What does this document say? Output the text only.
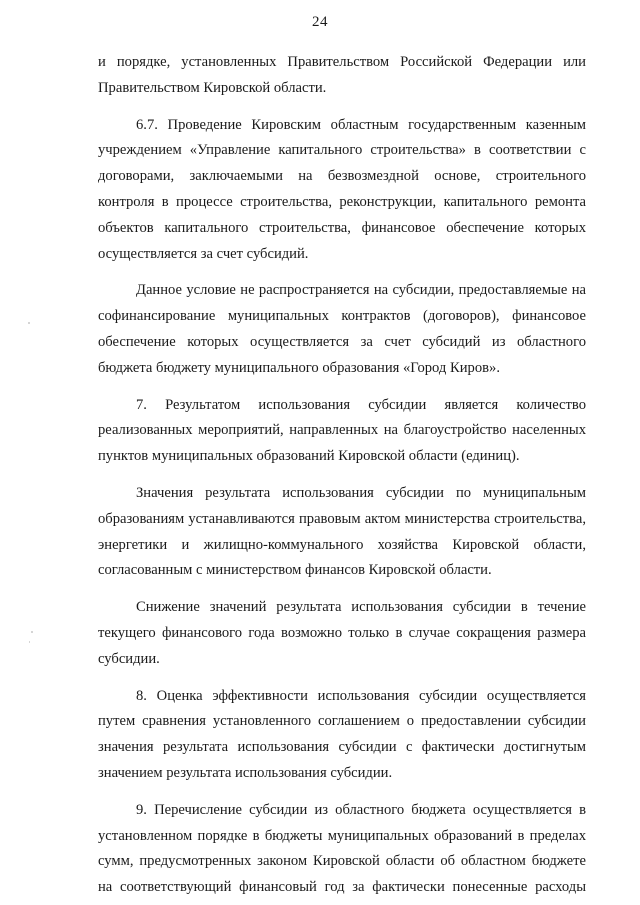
24

и порядке, установленных Правительством Российской Федерации или Правительством Кировской области.

6.7. Проведение Кировским областным государственным казенным учреждением «Управление капитального строительства» в соответствии с договорами, заключаемыми на безвозмездной основе, строительного контроля в процессе строительства, реконструкции, капитального ремонта объектов капитального строительства, финансовое обеспечение которых осуществляется за счет субсидий.

Данное условие не распространяется на субсидии, предоставляемые на софинансирование муниципальных контрактов (договоров), финансовое обеспечение которых осуществляется за счет субсидий из областного бюджета бюджету муниципального образования «Город Киров».

7. Результатом использования субсидии является количество реализованных мероприятий, направленных на благоустройство населенных пунктов муниципальных образований Кировской области (единиц).

Значения результата использования субсидии по муниципальным образованиям устанавливаются правовым актом министерства строительства, энергетики и жилищно-коммунального хозяйства Кировской области, согласованным с министерством финансов Кировской области.

Снижение значений результата использования субсидии в течение текущего финансового года возможно только в случае сокращения размера субсидии.

8. Оценка эффективности использования субсидии осуществляется путем сравнения установленного соглашением о предоставлении субсидии значения результата использования субсидии с фактически достигнутым значением результата использования субсидии.

9. Перечисление субсидии из областного бюджета осуществляется в установленном порядке в бюджеты муниципальных образований в пределах сумм, предусмотренных законом Кировской области об областном бюджете на соответствующий финансовый год за фактически понесенные расходы
